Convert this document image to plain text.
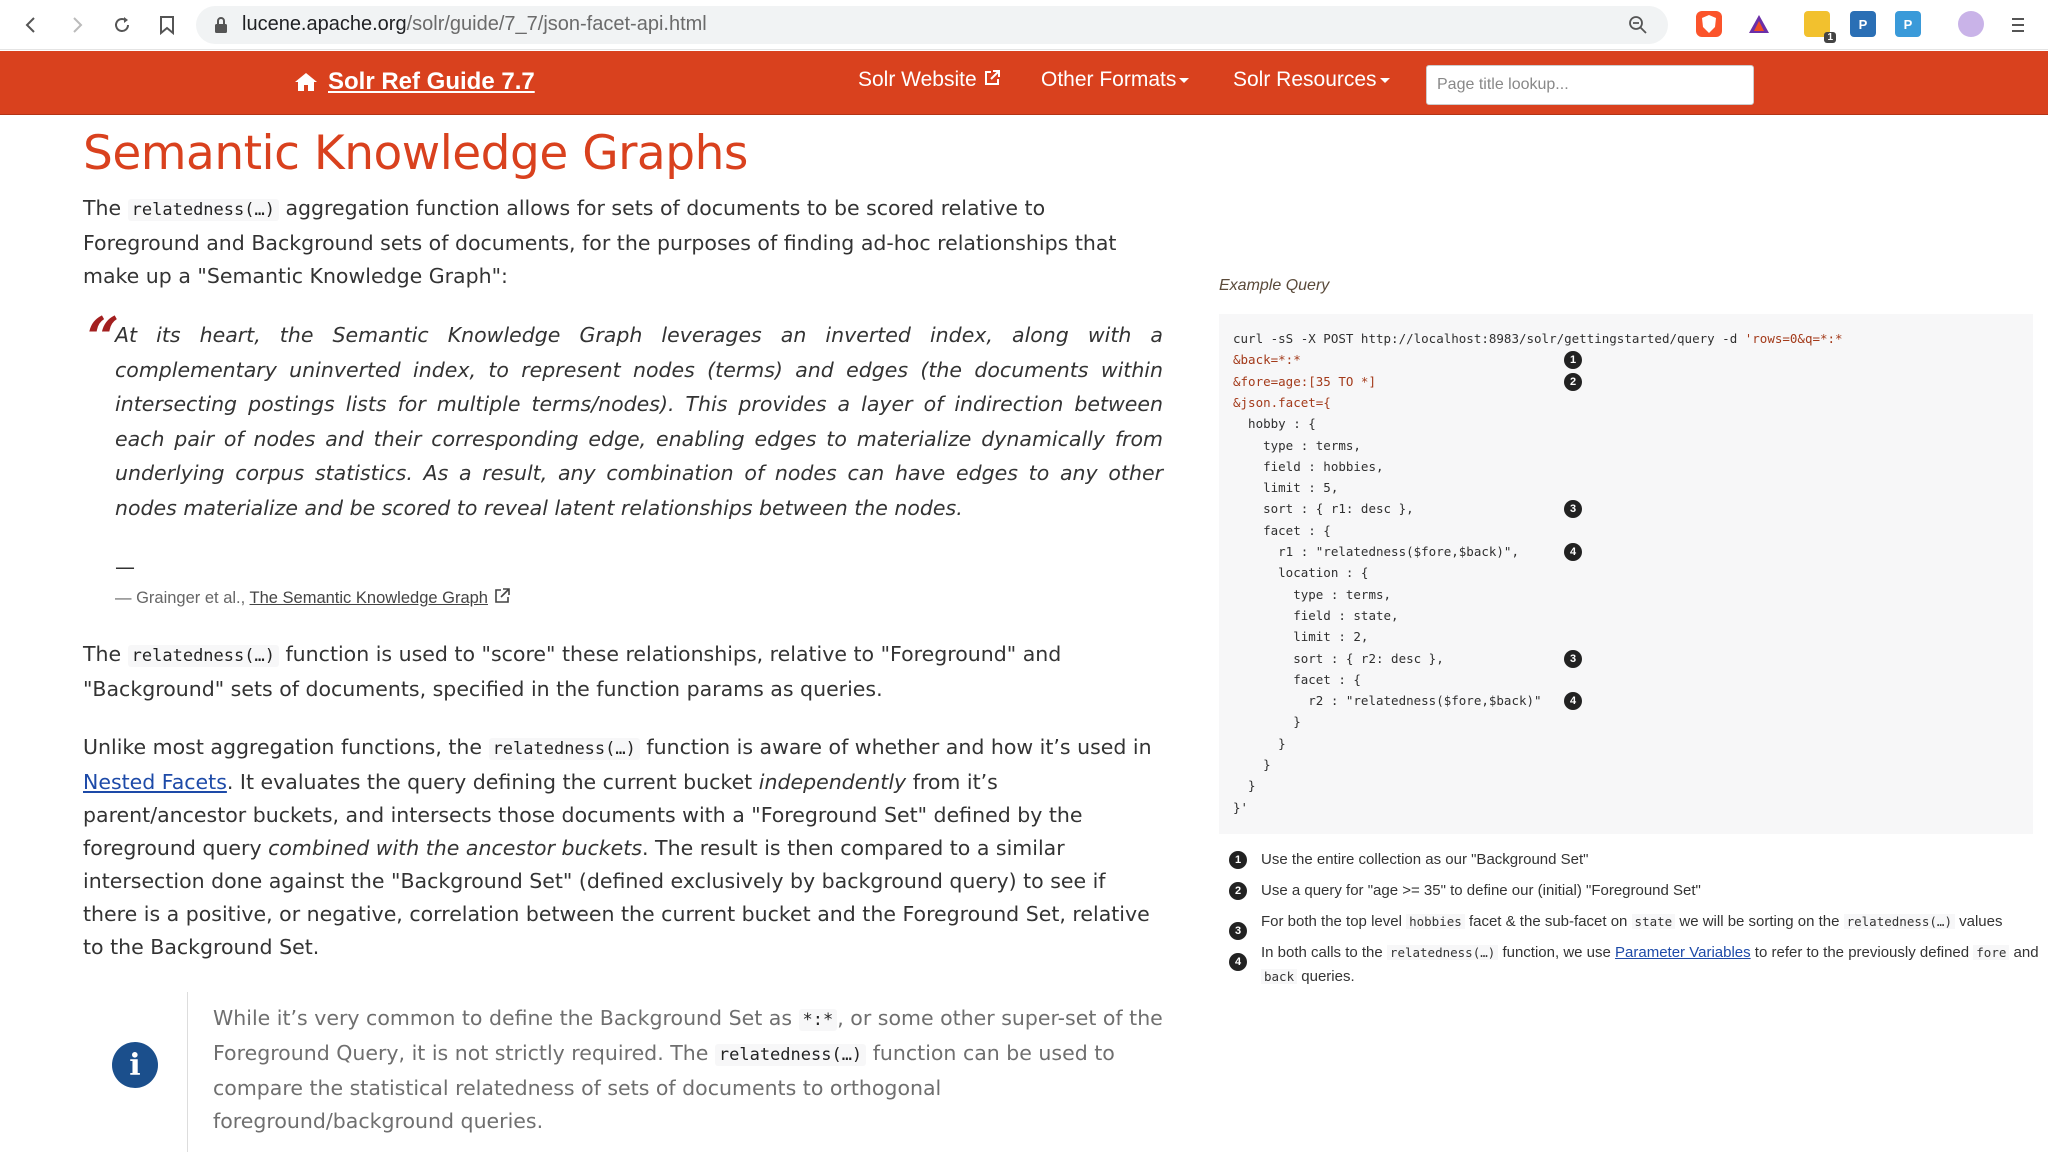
lucene.apache.org/solr/guide/7_7/json-facet-api.html
1
P	P
Solr Ref Guide 7.7	Solr Website	Other Formats	Solr Resources
Page title lookup...
Semantic Knowledge Graphs

The relatedness(…) aggregation function allows for sets of documents to be scored relative to Foreground and Background sets of documents, for the purposes of finding ad-hoc relationships that make up a "Semantic Knowledge Graph":

“
At its heart, the Semantic Knowledge Graph leverages an inverted index, along with a complementary uninverted index, to represent nodes (terms) and edges (the documents within intersecting postings lists for multiple terms/nodes). This provides a layer of indirection between each pair of nodes and their corresponding edge, enabling edges to materialize dynamically from underlying corpus statistics. As a result, any combination of nodes can have edges to any other nodes materialize and be scored to reveal latent relationships between the nodes.
—
— Grainger et al., The Semantic Knowledge Graph

The relatedness(…) function is used to "score" these relationships, relative to "Foreground" and "Background" sets of documents, specified in the function params as queries.

Unlike most aggregation functions, the relatedness(…) function is aware of whether and how it’s used in Nested Facets. It evaluates the query defining the current bucket independently from it’s parent/ancestor buckets, and intersects those documents with a "Foreground Set" defined by the foreground query combined with the ancestor buckets. The result is then compared to a similar intersection done against the "Background Set" (defined exclusively by background query) to see if there is a positive, or negative, correlation between the current bucket and the Foreground Set, relative to the Background Set.

i
While it’s very common to define the Background Set as *:* , or some other super-set of the Foreground Query, it is not strictly required. The relatedness(…) function can be used to compare the statistical relatedness of sets of documents to orthogonal foreground/background queries.
Example Query
curl -sS -X POST http://localhost:8983/solr/gettingstarted/query -d 'rows=0&q=*:*
&back=*:*	1
&fore=age:[35 TO *]	2
&json.facet={
hobby : {
type : terms,
field : hobbies,
limit : 5,
sort : { r1: desc },	3
facet : {
r1 : "relatedness($fore,$back)",	4
location : {
type : terms,
field : state,
limit : 2,
sort : { r2: desc },	3
facet : {
r2 : "relatedness($fore,$back)"	4
}
}
}
}
}'
1	Use the entire collection as our "Background Set"
2	Use a query for "age >= 35" to define our (initial) "Foreground Set"
3
For both the top level hobbies facet & the sub-facet on state we will be sorting on the relatedness(…) values
4
In both calls to the relatedness(…) function, we use Parameter Variables to refer to the previously defined fore and back queries.
